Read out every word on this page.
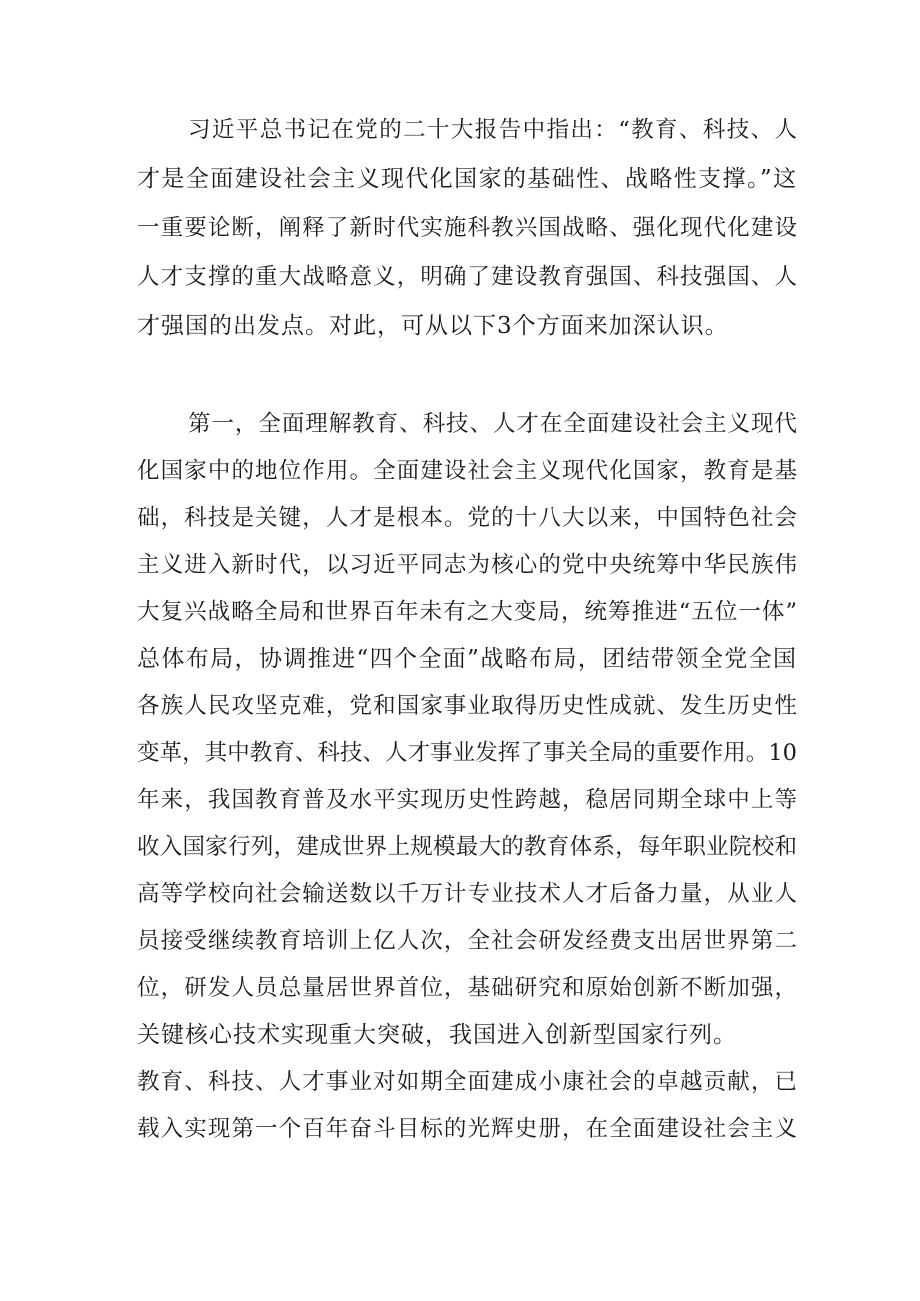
习近平总书记在党的二十大报告中指出：“教育、科技、人
才是全面建设社会主义现代化国家的基础性、战略性支撑。”这
一重要论断，阐释了新时代实施科教兴国战略、强化现代化建设
人才支撑的重大战略意义，明确了建设教育强国、科技强国、人
才强国的出发点。对此，可从以下3个方面来加深认识。
第一，全面理解教育、科技、人才在全面建设社会主义现代
化国家中的地位作用。全面建设社会主义现代化国家，教育是基
础，科技是关键，人才是根本。党的十八大以来，中国特色社会
主义进入新时代，以习近平同志为核心的党中央统筹中华民族伟
大复兴战略全局和世界百年未有之大变局，统筹推进“五位一体”
总体布局，协调推进“四个全面”战略布局，团结带领全党全国
各族人民攻坚克难，党和国家事业取得历史性成就、发生历史性
变革，其中教育、科技、人才事业发挥了事关全局的重要作用。10
年来，我国教育普及水平实现历史性跨越，稳居同期全球中上等
收入国家行列，建成世界上规模最大的教育体系，每年职业院校和
高等学校向社会输送数以千万计专业技术人才后备力量，从业人
员接受继续教育培训上亿人次，全社会研发经费支出居世界第二
位，研发人员总量居世界首位，基础研究和原始创新不断加强，
关键核心技术实现重大突破，我国进入创新型国家行列。
教育、科技、人才事业对如期全面建成小康社会的卓越贡献，已
载入实现第一个百年奋斗目标的光辉史册，在全面建设社会主义
